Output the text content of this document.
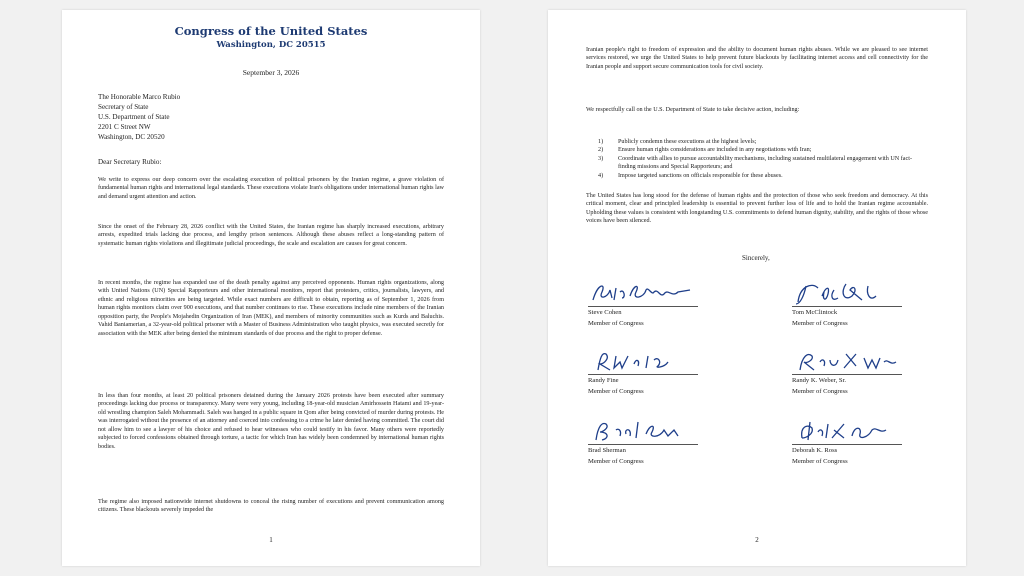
Congress of the United States
Washington, DC 20515
September 3, 2026
The Honorable Marco Rubio
Secretary of State
U.S. Department of State
2201 C Street NW
Washington, DC 20520
Dear Secretary Rubio:

We write to express our deep concern over the escalating execution of political prisoners by the Iranian regime, a grave violation of fundamental human rights and international legal standards. These executions violate Iran's obligations under international human rights law and demand urgent attention and action.

Since the onset of the February 28, 2026 conflict with the United States, the Iranian regime has sharply increased executions, arbitrary arrests, expedited trials lacking due process, and lengthy prison sentences. Although these abuses reflect a long-standing pattern of systematic human rights violations and illegitimate judicial proceedings, the scale and escalation are causes for great concern.

In recent months, the regime has expanded use of the death penalty against any perceived opponents. Human rights organizations, along with United Nations (UN) Special Rapporteurs and other international monitors, report that protesters, critics, journalists, lawyers, and ethnic and religious minorities are being targeted. While exact numbers are difficult to obtain, reporting as of September 1, 2026 from human rights monitors claim over 900 executions, and that number continues to rise. These executions include nine members of the Iranian opposition party, the People's Mojahedin Organization of Iran (MEK), and members of minority communities such as Kurds and Baluchis. Vahid Baniamerian, a 32-year-old political prisoner with a Master of Business Administration who taught physics, was executed secretly for association with the MEK after being denied the minimum standards of due process and the right to proper defense.

In less than four months, at least 20 political prisoners detained during the January 2026 protests have been executed after summary proceedings lacking due process or transparency. Many were very young, including 18-year-old musician Amirhossein Hatami and 19-year-old wrestling champion Saleh Mohammadi. Saleh was hanged in a public square in Qom after being convicted of murder during protests. He was interrogated without the presence of an attorney and coerced into confessing to a crime he later denied having committed. The court did not allow him to see a lawyer of his choice and refused to hear witnesses who could testify in his favor. Many others were reportedly subjected to forced confessions obtained through torture, a tactic for which Iran has widely been condemned by international human rights bodies.

The regime also imposed nationwide internet shutdowns to conceal the rising number of executions and prevent communication among citizens. These blackouts severely impeded the

1

Iranian people's right to freedom of expression and the ability to document human rights abuses. While we are pleased to see internet services restored, we urge the United States to help prevent future blackouts by facilitating internet access and cell connectivity for the Iranian people and support secure communication tools for civil society.

We respectfully call on the U.S. Department of State to take decisive action, including:

1) Publicly condemn these executions at the highest levels;
2) Ensure human rights considerations are included in any negotiations with Iran;
3) Coordinate with allies to pursue accountability mechanisms, including sustained multilateral engagement with UN fact-finding missions and Special Rapporteurs; and
4) Impose targeted sanctions on officials responsible for these abuses.

The United States has long stood for the defense of human rights and the protection of those who seek freedom and democracy. At this critical moment, clear and principled leadership is essential to prevent further loss of life and to hold the Iranian regime accountable. Upholding these values is consistent with longstanding U.S. commitments to defend human dignity, stability, and the rights of those whose voices have been silenced.

Sincerely,
Steve Cohen
Member of Congress
Tom McClintock
Member of Congress
Randy Fine
Member of Congress
Randy K. Weber, Sr.
Member of Congress
Brad Sherman
Member of Congress
Deborah K. Ross
Member of Congress
2
